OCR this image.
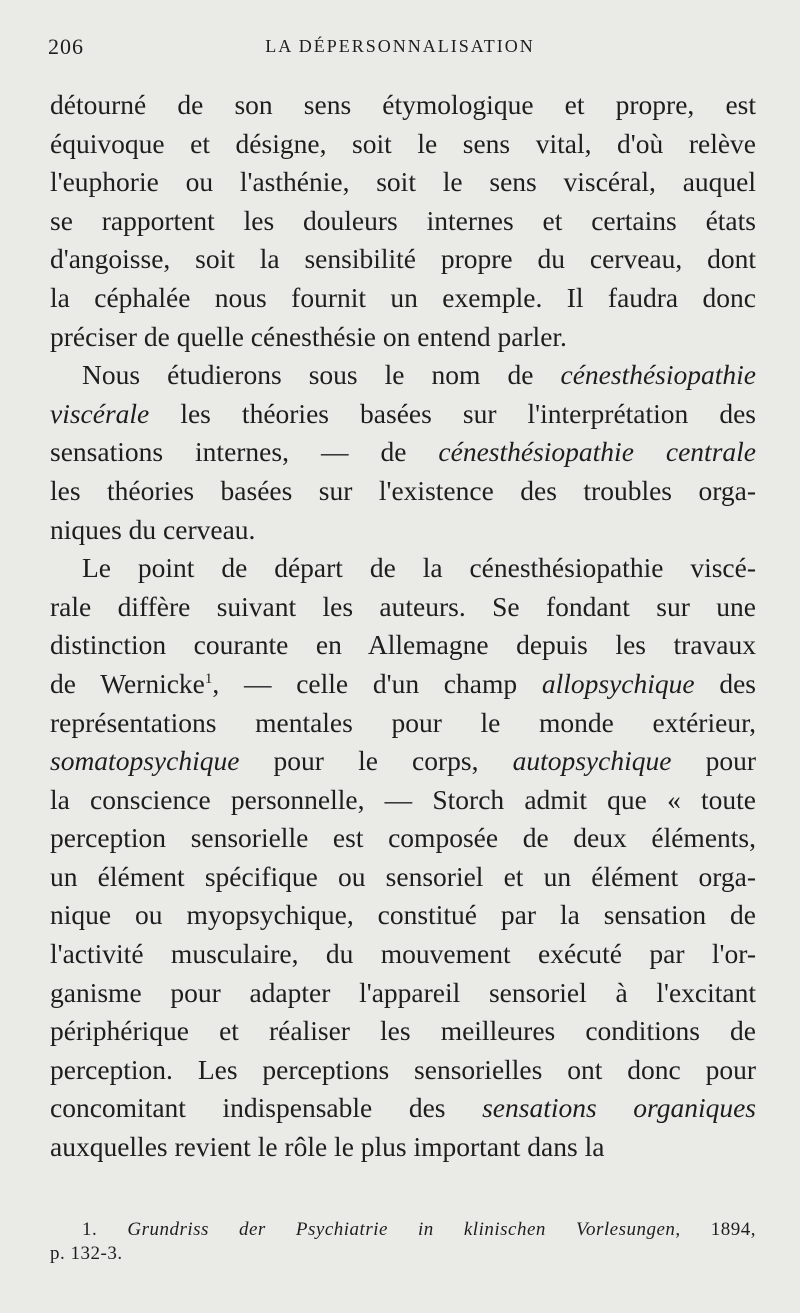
206	LA DÉPERSONNALISATION
détourné de son sens étymologique et propre, est
équivoque et désigne, soit le sens vital, d'où relève
l'euphorie ou l'asthénie, soit le sens viscéral, auquel
se rapportent les douleurs internes et certains états
d'angoisse, soit la sensibilité propre du cerveau, dont
la céphalée nous fournit un exemple. Il faudra donc
préciser de quelle cénesthésie on entend parler.
Nous étudierons sous le nom de cénesthésiopathie
viscérale les théories basées sur l'interprétation des
sensations internes, — de cénesthésiopathie centrale
les théories basées sur l'existence des troubles orga-
niques du cerveau.
Le point de départ de la cénesthésiopathie viscé-
rale diffère suivant les auteurs. Se fondant sur une
distinction courante en Allemagne depuis les travaux
de Wernicke$^1$, — celle d'un champ allopsychique des
représentations mentales pour le monde extérieur,
somatopsychique pour le corps, autopsychique pour
la conscience personnelle, — Storch admit que « toute
perception sensorielle est composée de deux éléments,
un élément spécifique ou sensoriel et un élément orga-
nique ou myopsychique, constitué par la sensation de
l'activité musculaire, du mouvement exécuté par l'or-
ganisme pour adapter l'appareil sensoriel à l'excitant
périphérique et réaliser les meilleures conditions de
perception. Les perceptions sensorielles ont donc pour
concomitant indispensable des sensations organiques
auxquelles revient le rôle le plus important dans la
1. Grundriss der Psychiatrie in klinischen Vorlesungen, 1894,
p. 132-3.
